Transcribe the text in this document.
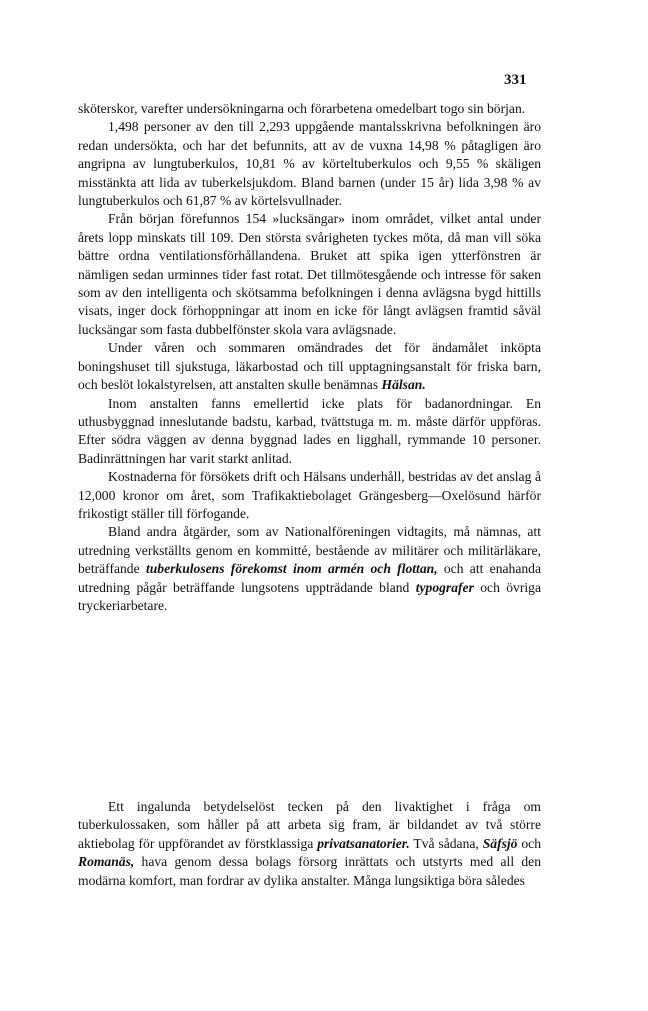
331

sköterskor, varefter undersökningarna och förarbetena omedelbart togo sin början.

1,498 personer av den till 2,293 uppgående mantalsskrivna befolkningen äro redan undersökta, och har det befunnits, att av de vuxna 14,98 % påtagligen äro angripna av lungtuberkulos, 10,81 % av körteltuberkulos och 9,55 % skäligen misstänkta att lida av tuberkelsjukdom. Bland barnen (under 15 år) lida 3,98 % av lungtuberkulos och 61,87 % av körtelsvullnader.

Från början förefunnos 154 »lucksängar» inom området, vilket antal under årets lopp minskats till 109. Den största svårigheten tyckes möta, då man vill söka bättre ordna ventilationsförhållandena. Bruket att spika igen ytterfönstren är nämligen sedan urminnes tider fast rotat. Det tillmötesgående och intresse för saken som av den intelligenta och skötsamma befolkningen i denna avlägsna bygd hittills visats, inger dock förhoppningar att inom en icke för långt avlägsen framtid såväl lucksängar som fasta dubbelfönster skola vara avlägsnade.

Under våren och sommaren omändrades det för ändamålet inköpta boningshuset till sjukstuga, läkarbostad och till upptagningsanstalt för friska barn, och beslöt lokalstyrelsen, att anstalten skulle benämnas Hälsan.

Inom anstalten fanns emellertid icke plats för badanordningar. En uthusbyggnad inneslutande badstu, karbad, tvättstuga m. m. måste därför uppföras. Efter södra väggen av denna byggnad lades en ligghall, rymmande 10 personer. Badinrättningen har varit starkt anlitad.

Kostnaderna för försökets drift och Hälsans underhåll, bestridas av det anslag å 12,000 kronor om året, som Trafikaktiebolaget Grängesberg—Oxelösund härför frikostigt ställer till förfogande.

Bland andra åtgärder, som av Nationalföreningen vidtagits, må nämnas, att utredning verkställts genom en kommitté, bestående av militärer och militärläkare, beträffande tuberkulosens förekomst inom armén och flottan, och att enahanda utredning pågår beträffande lungsotens uppträdande bland typografer och övriga tryckeriarbetare.

Ett ingalunda betydelselöst tecken på den livaktighet i fråga om tuberkulossaken, som håller på att arbeta sig fram, är bildandet av två större aktiebolag för uppförandet av förstklassiga privatsanatorier. Två sådana, Säfsjö och Romanäs, hava genom dessa bolags försorg inrättats och utstyrts med all den modärna komfort, man fordrar av dylika anstalter. Många lungsiktiga böra således
